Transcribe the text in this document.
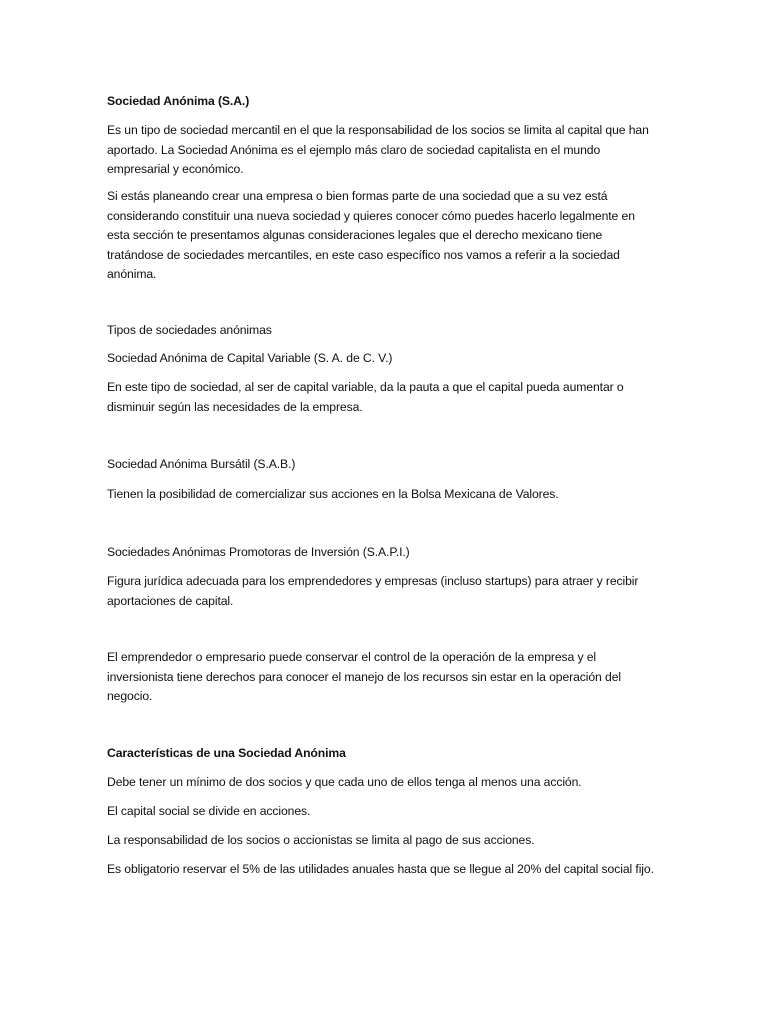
Sociedad Anónima (S.A.)

Es un tipo de sociedad mercantil en el que la responsabilidad de los socios se limita al capital que han aportado. La Sociedad Anónima es el ejemplo más claro de sociedad capitalista en el mundo empresarial y económico.

Si estás planeando crear una empresa o bien formas parte de una sociedad que a su vez está considerando constituir una nueva sociedad y quieres conocer cómo puedes hacerlo legalmente en esta sección te presentamos algunas consideraciones legales que el derecho mexicano tiene tratándose de sociedades mercantiles, en este caso específico nos vamos a referir a la sociedad anónima.

Tipos de sociedades anónimas

Sociedad Anónima de Capital Variable (S. A. de C. V.)

En este tipo de sociedad, al ser de capital variable, da la pauta a que el capital pueda aumentar o disminuir según las necesidades de la empresa.

Sociedad Anónima Bursátil (S.A.B.)

Tienen la posibilidad de comercializar sus acciones en la Bolsa Mexicana de Valores.

Sociedades Anónimas Promotoras de Inversión (S.A.P.I.)

Figura jurídica adecuada para los emprendedores y empresas (incluso startups) para atraer y recibir aportaciones de capital.

El emprendedor o empresario puede conservar el control de la operación de la empresa y el inversionista tiene derechos para conocer el manejo de los recursos sin estar en la operación del negocio.

Características de una Sociedad Anónima

Debe tener un mínimo de dos socios y que cada uno de ellos tenga al menos una acción.

El capital social se divide en acciones.

La responsabilidad de los socios o accionistas se limita al pago de sus acciones.

Es obligatorio reservar el 5% de las utilidades anuales hasta que se llegue al 20% del capital social fijo.
